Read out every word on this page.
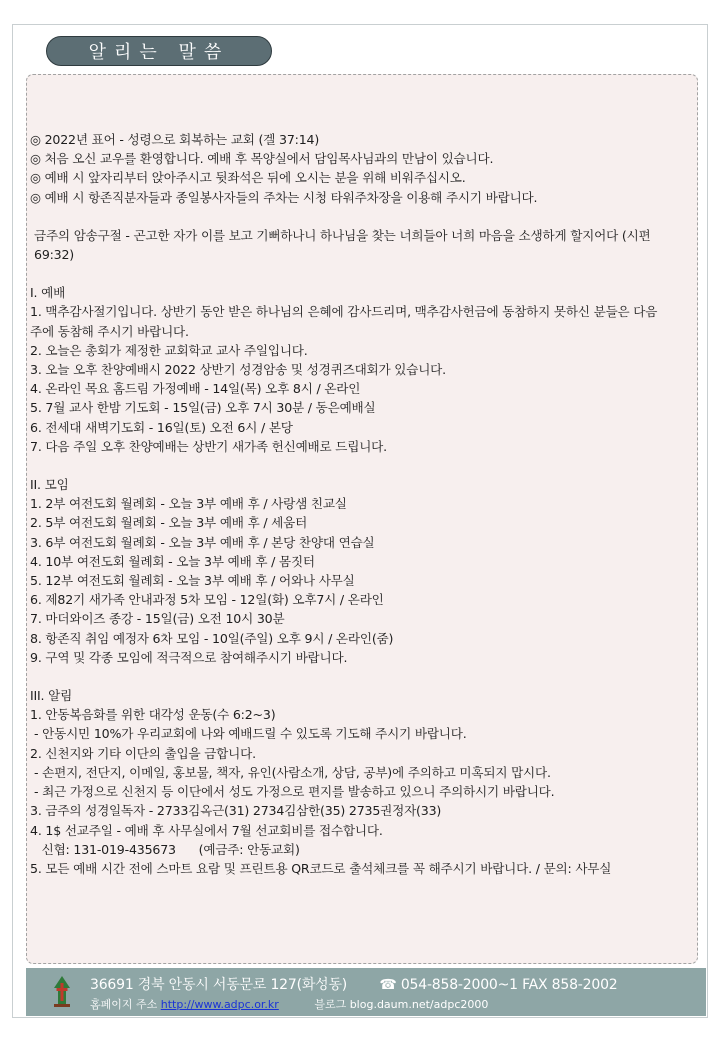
알리는 말씀
◎ 2022년 표어 - 성령으로 회복하는 교회 (겔 37:14)
◎ 처음 오신 교우를 환영합니다. 예배 후 목양실에서 담임목사님과의 만남이 있습니다.
◎ 예배 시 앞자리부터 앉아주시고 뒷좌석은 뒤에 오시는 분을 위해 비워주십시오.
◎ 예배 시 항존직분자들과 종일봉사자들의 주차는 시청 타워주차장을 이용해 주시기 바랍니다.
금주의 암송구절 - 곤고한 자가 이를 보고 기뻐하나니 하나님을 찾는 너희들아 너희 마음을 소생하게 할지어다 (시편69:32)
I. 예배
1. 맥추감사절기입니다. 상반기 동안 받은 하나님의 은혜에 감사드리며, 맥추감사헌금에 동참하지 못하신 분들은 다음 주에 동참해 주시기 바랍니다.
2. 오늘은 총회가 제정한 교회학교 교사 주일입니다.
3. 오늘 오후 찬양예배시 2022 상반기 성경암송 및 성경퀴즈대회가 있습니다.
4. 온라인 목요 홈드림 가정예배 - 14일(목) 오후 8시 / 온라인
5. 7월 교사 한밤 기도회 - 15일(금) 오후 7시 30분 / 동은예배실
6. 전세대 새벽기도회 - 16일(토) 오전 6시 / 본당
7. 다음 주일 오후 찬양예배는 상반기 새가족 헌신예배로 드립니다.
II. 모임
1. 2부 여전도회 월례회 - 오늘 3부 예배 후 / 사랑샘 친교실
2. 5부 여전도회 월례회 - 오늘 3부 예배 후 / 세움터
3. 6부 여전도회 월례회 - 오늘 3부 예배 후 / 본당 찬양대 연습실
4. 10부 여전도회 월례회 - 오늘 3부 예배 후 / 몸짓터
5. 12부 여전도회 월례회 - 오늘 3부 예배 후 / 어와나 사무실
6. 제82기 새가족 안내과정 5차 모임 - 12일(화) 오후7시 / 온라인
7. 마더와이즈 종강 - 15일(금) 오전 10시 30분
8. 항존직 취임 예정자 6차 모임 - 10일(주일) 오후 9시 / 온라인(줌)
9. 구역 및 각종 모임에 적극적으로 참여해주시기 바랍니다.
III. 알림
1. 안동복음화를 위한 대각성 운동(수 6:2~3)
- 안동시민 10%가 우리교회에 나와 예배드릴 수 있도록 기도해 주시기 바랍니다.
2. 신천지와 기타 이단의 출입을 금합니다.
- 손편지, 전단지, 이메일, 홍보물, 책자, 유인(사람소개, 상담, 공부)에 주의하고 미혹되지 맙시다.
- 최근 가정으로 신천지 등 이단에서 성도 가정으로 편지를 발송하고 있으니 주의하시기 바랍니다.
3. 금주의 성경일독자 - 2733김옥근(31) 2734김삼한(35) 2735권정자(33)
4. 1$ 선교주일 - 예배 후 사무실에서 7월 선교회비를 접수합니다.
신협: 131-019-435673      (예금주: 안동교회)
5. 모든 예배 시간 전에 스마트 요람 및 프린트용 QR코드로 출석체크를 꼭 해주시기 바랍니다. / 문의: 사무실
36691 경북 안동시 서동문로 127(화성동) ☎ 054-858-2000~1 FAX 858-2002
홈페이지 주소 http://www.adpc.or.kr	블로그 blog.daum.net/adpc2000
